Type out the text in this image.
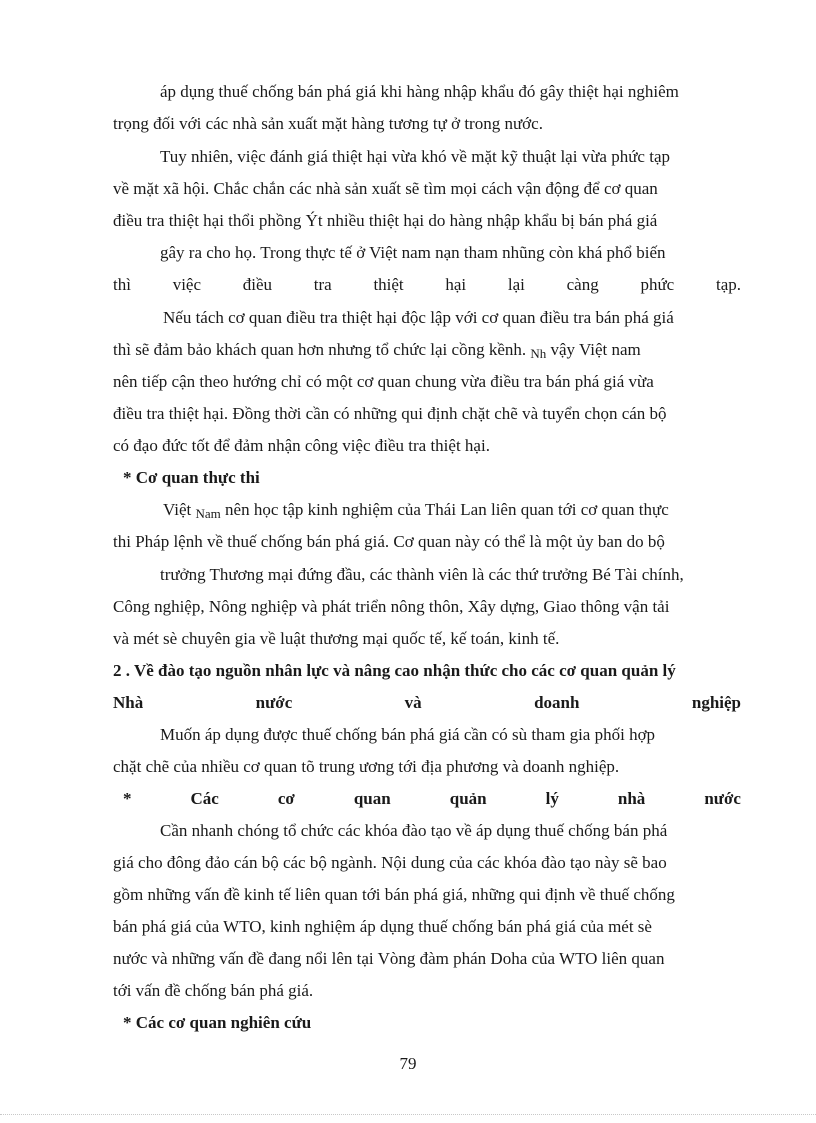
áp dụng thuế chống bán phá giá khi hàng nhập khẩu đó gây thiệt hại nghiêm
trọng đối với các nhà sản xuất mặt hàng tương tự ở trong nước.
Tuy nhiên, việc đánh giá thiệt hại vừa khó về mặt kỹ thuật lại vừa phức tạp
về mặt xã hội. Chắc chắn các nhà sản xuất sẽ tìm mọi cách vận động để cơ quan
điều tra thiệt hại thổi phồng Ýt nhiều thiệt hại do hàng nhập khẩu bị bán phá giá
gây ra cho họ. Trong thực tế ở Việt nam nạn tham nhũng còn khá phổ biến
thì việc điều tra thiệt hại lại càng phức tạp.
Nếu tách cơ quan điều tra thiệt hại độc lập với cơ quan điều tra bán phá giá
thì sẽ đảm bảo khách quan hơn nhưng tổ chức lại cồng kềnh. Nh vậy Việt nam
nên tiếp cận theo hướng chỉ có một cơ quan chung vừa điều tra bán phá giá vừa
điều tra thiệt hại. Đồng thời cần có những qui định chặt chẽ và tuyển chọn cán bộ
có đạo đức tốt để đảm nhận công việc điều tra thiệt hại.
* Cơ quan thực thi
Việt Nam nên học tập kinh nghiệm của Thái Lan liên quan tới cơ quan thực
thi Pháp lệnh về thuế chống bán phá giá. Cơ quan này có thể là một ủy ban do bộ
trưởng Thương mại đứng đầu, các thành viên là các thứ trưởng Bé Tài chính,
Công nghiệp, Nông nghiệp và phát triển nông thôn, Xây dựng, Giao thông vận tải
và mét sè chuyên gia về luật thương mại quốc tế, kế toán, kinh tế.
2 . Về đào tạo nguồn nhân lực và nâng cao nhận thức cho các cơ quan quản lý
Nhà	nước	và	doanh	nghiệp
Muốn áp dụng được thuế chống bán phá giá cần có sù tham gia phối hợp
chặt chẽ của nhiều cơ quan tõ trung ương tới địa phương và doanh nghiệp.
*	Các	cơ	quan	quản	lý	nhà	nước
Cần nhanh chóng tổ chức các khóa đào tạo về áp dụng thuế chống bán phá
giá cho đông đảo cán bộ các bộ ngành. Nội dung của các khóa đào tạo này sẽ bao
gồm những vấn đề kinh tế liên quan tới bán phá giá, những qui định về thuế chống
bán phá giá của WTO, kinh nghiệm áp dụng thuế chống bán phá giá của mét sè
nước và những vấn đề đang nổi lên tại Vòng đàm phán Doha của WTO liên quan
tới vấn đề chống bán phá giá.
* Các cơ quan nghiên cứu
79
